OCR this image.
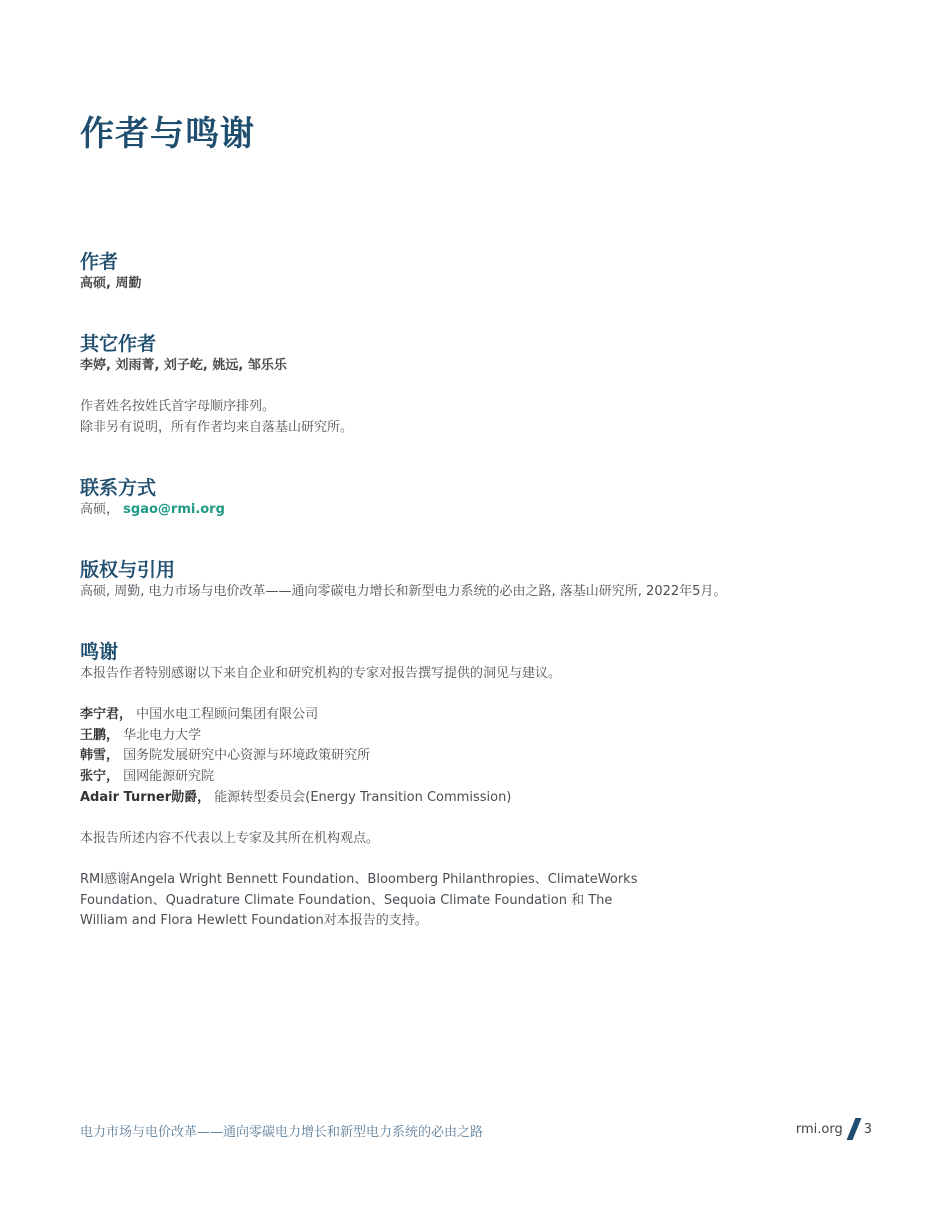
作者与鸣谢
作者
高硕, 周勤
其它作者
李婷, 刘雨菁, 刘子屹, 姚远, 邹乐乐
作者姓名按姓氏首字母顺序排列。
除非另有说明，所有作者均来自落基山研究所。
联系方式
高硕， sgao@rmi.org
版权与引用
高硕, 周勤, 电力市场与电价改革——通向零碳电力增长和新型电力系统的必由之路, 落基山研究所, 2022年5月。
鸣谢
本报告作者特别感谢以下来自企业和研究机构的专家对报告撰写提供的洞见与建议。
李宁君， 中国水电工程顾问集团有限公司
王鹏， 华北电力大学
韩雪， 国务院发展研究中心资源与环境政策研究所
张宁， 国网能源研究院
Adair Turner勋爵， 能源转型委员会(Energy Transition Commission)
本报告所述内容不代表以上专家及其所在机构观点。
RMI感谢Angela Wright Bennett Foundation、Bloomberg Philanthropies、ClimateWorks
Foundation、Quadrature Climate Foundation、Sequoia Climate Foundation 和 The
William and Flora Hewlett Foundation对本报告的支持。
电力市场与电价改革——通向零碳电力增长和新型电力系统的必由之路	rmi.org 3
